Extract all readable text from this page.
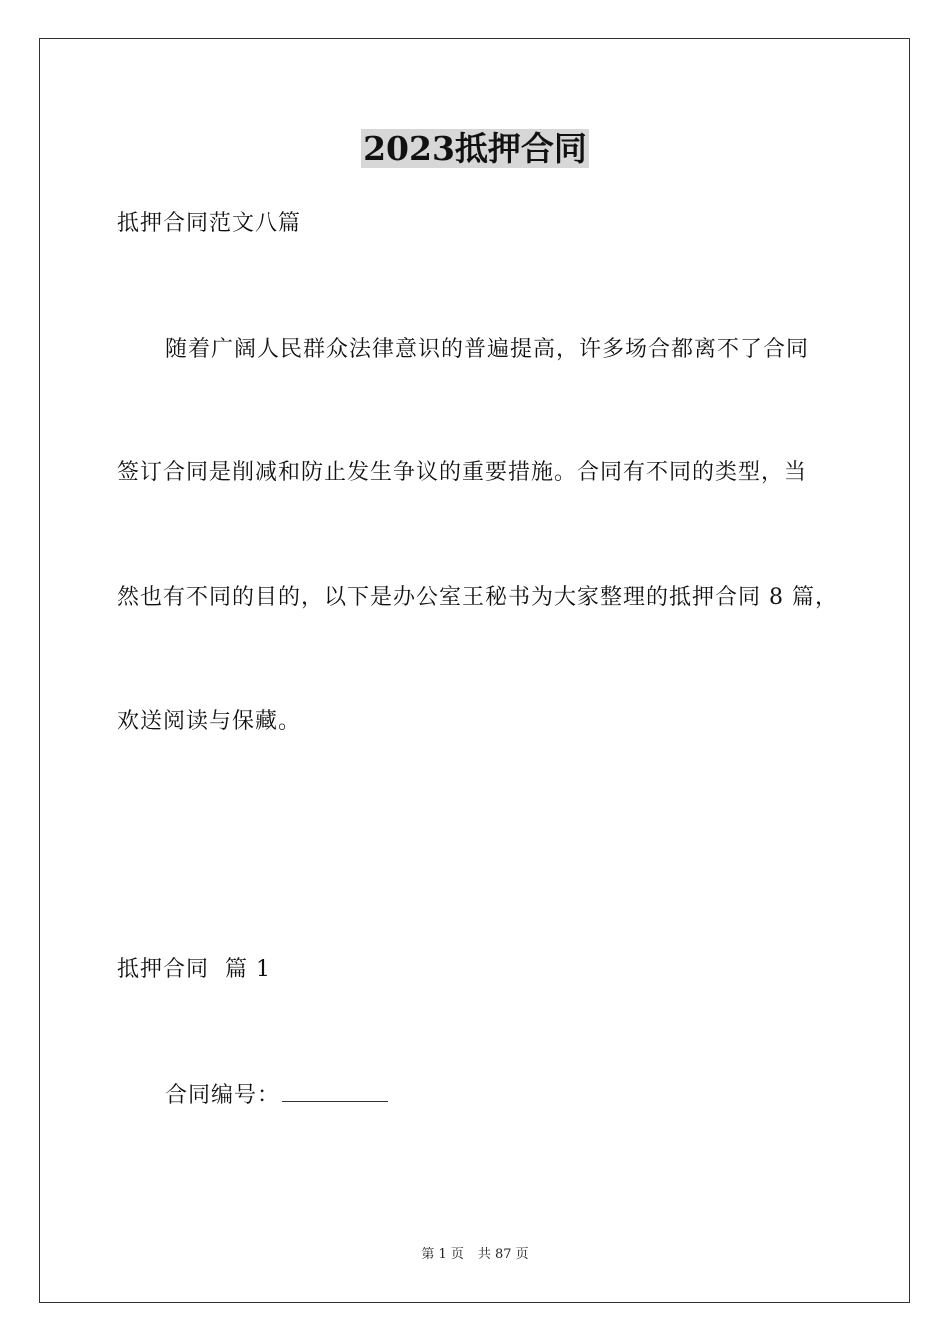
2023抵押合同
抵押合同范文八篇
随着广阔人民群众法律意识的普遍提高，许多场合都离不了合同
签订合同是削减和防止发生争议的重要措施。合同有不同的类型，当
然也有不同的目的，以下是办公室王秘书为大家整理的抵押合同 8 篇，
欢送阅读与保藏。
抵押合同  篇 1
合同编号：
第 1 页 共 87 页
